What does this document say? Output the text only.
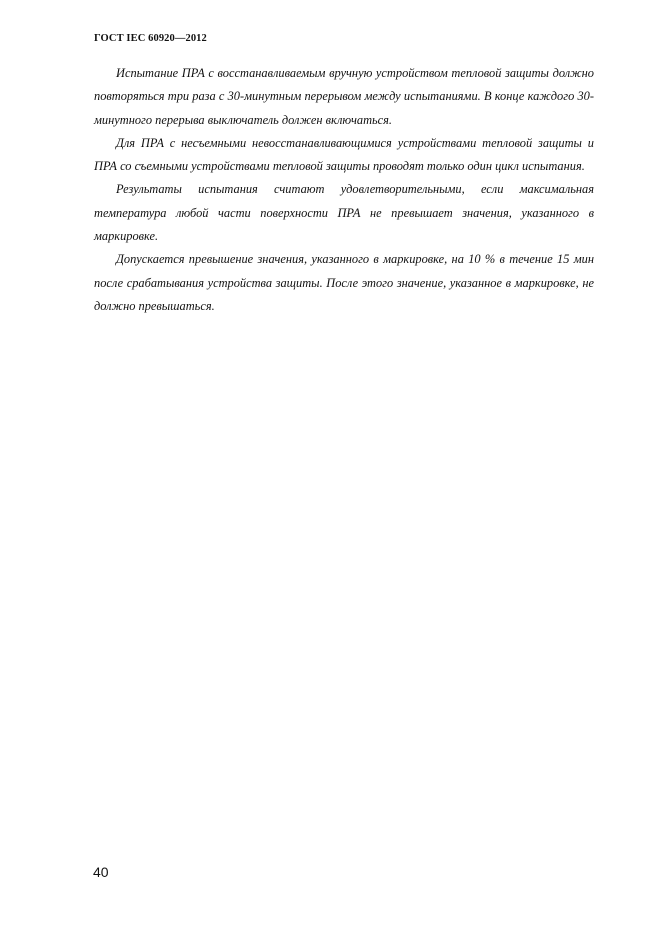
ГОСТ IEC 60920—2012

Испытание ПРА с восстанавливаемым вручную устройством тепловой защиты должно повторяться три раза с 30-минутным перерывом между испытаниями. В конце каждого 30-минутного перерыва выключатель должен включаться.

Для ПРА с несъемными невосстанавливающимися устройствами тепловой защиты и ПРА со съемными устройствами тепловой защиты проводят только один цикл испытания.

Результаты испытания считают удовлетворительными, если максимальная температура любой части поверхности ПРА не превышает значения, указанного в маркировке.

Допускается превышение значения, указанного в маркировке, на 10 % в течение 15 мин после срабатывания устройства защиты. После этого значение, указанное в маркировке, не должно превышаться.

40
